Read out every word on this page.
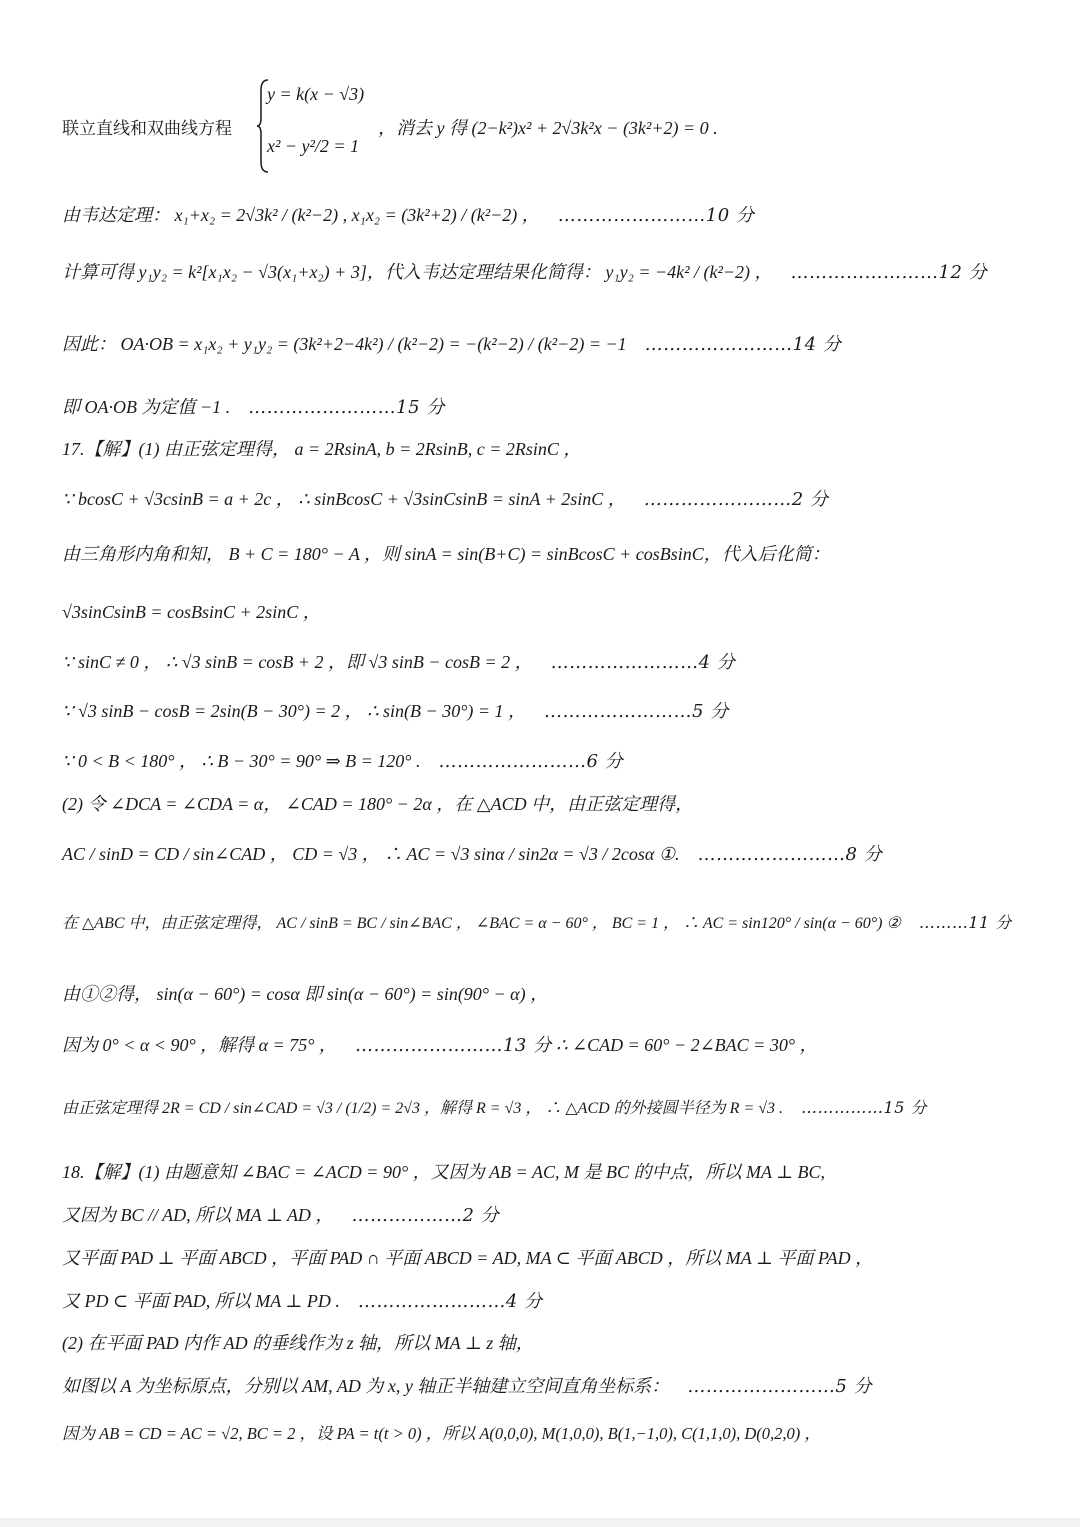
联立直线和双曲线方程
y = k(x − √3)
x² − y²/2 = 1
，消去 y 得 (2−k²)x² + 2√3k²x − (3k²+2) = 0 .
由韦达定理： x₁+x₂ = 2√3k² / (k²−2) , x₁x₂ = (3k²+2) / (k²−2) ， ……………………10 分
计算可得 y₁y₂ = k²[x₁x₂ − √3(x₁+x₂) + 3]，代入韦达定理结果化简得： y₁y₂ = −4k² / (k²−2) ， ……………………12 分
因此： OA·OB = x₁x₂ + y₁y₂ = (3k²+2−4k²) / (k²−2) = −(k²−2) / (k²−2) = −1 ……………………14 分
即 OA·OB 为定值 −1 . ……………………15 分
17.【解】(1) 由正弦定理得， a = 2RsinA, b = 2RsinB, c = 2RsinC ，
∵ bcosC + √3csinB = a + 2c ， ∴ sinBcosC + √3sinCsinB = sinA + 2sinC ， ……………………2 分
由三角形内角和知， B + C = 180° − A ，则 sinA = sin(B+C) = sinBcosC + cosBsinC，代入后化简：
√3sinCsinB = cosBsinC + 2sinC ，
∵ sinC ≠ 0 ， ∴ √3 sinB = cosB + 2 ，即 √3 sinB − cosB = 2 ， ……………………4 分
∵ √3 sinB − cosB = 2sin(B − 30°) = 2 ， ∴ sin(B − 30°) = 1 ， ……………………5 分
∵ 0 < B < 180° ， ∴ B − 30° = 90° ⇒ B = 120° . ……………………6 分
(2) 令 ∠DCA = ∠CDA = α， ∠CAD = 180° − 2α ，在 △ACD 中，由正弦定理得，
AC / sinD = CD / sin∠CAD ， CD = √3 ， ∴ AC = √3 sinα / sin2α = √3 / 2cosα ①. ……………………8 分
在 △ABC 中，由正弦定理得， AC / sinB = BC / sin∠BAC ， ∠BAC = α − 60° ， BC = 1 ， ∴ AC = sin120° / sin(α − 60°) ② ………11 分
由①②得， sin(α − 60°) = cosα 即 sin(α − 60°) = sin(90° − α) ，
因为 0° < α < 90° ，解得 α = 75° ， ……………………13 分 ∴ ∠CAD = 60° − 2∠BAC = 30° ，
由正弦定理得 2R = CD / sin∠CAD = √3 / (1/2) = 2√3 ，解得 R = √3 ， ∴ △ACD 的外接圆半径为 R = √3 . ……………15 分
18.【解】(1) 由题意知 ∠BAC = ∠ACD = 90° ，又因为 AB = AC, M 是 BC 的中点，所以 MA ⊥ BC,
又因为 BC // AD, 所以 MA ⊥ AD ， ………………2 分
又平面 PAD ⊥ 平面 ABCD ，平面 PAD ∩ 平面 ABCD = AD, MA ⊂ 平面 ABCD ，所以 MA ⊥ 平面 PAD ，
又 PD ⊂ 平面 PAD, 所以 MA ⊥ PD . ……………………4 分
(2) 在平面 PAD 内作 AD 的垂线作为 z 轴，所以 MA ⊥ z 轴，
如图以 A 为坐标原点，分别以 AM, AD 为 x, y 轴正半轴建立空间直角坐标系： ……………………5 分
因为 AB = CD = AC = √2, BC = 2 ，设 PA = t(t > 0) ，所以 A(0,0,0), M(1,0,0), B(1,−1,0), C(1,1,0), D(0,2,0) ，
